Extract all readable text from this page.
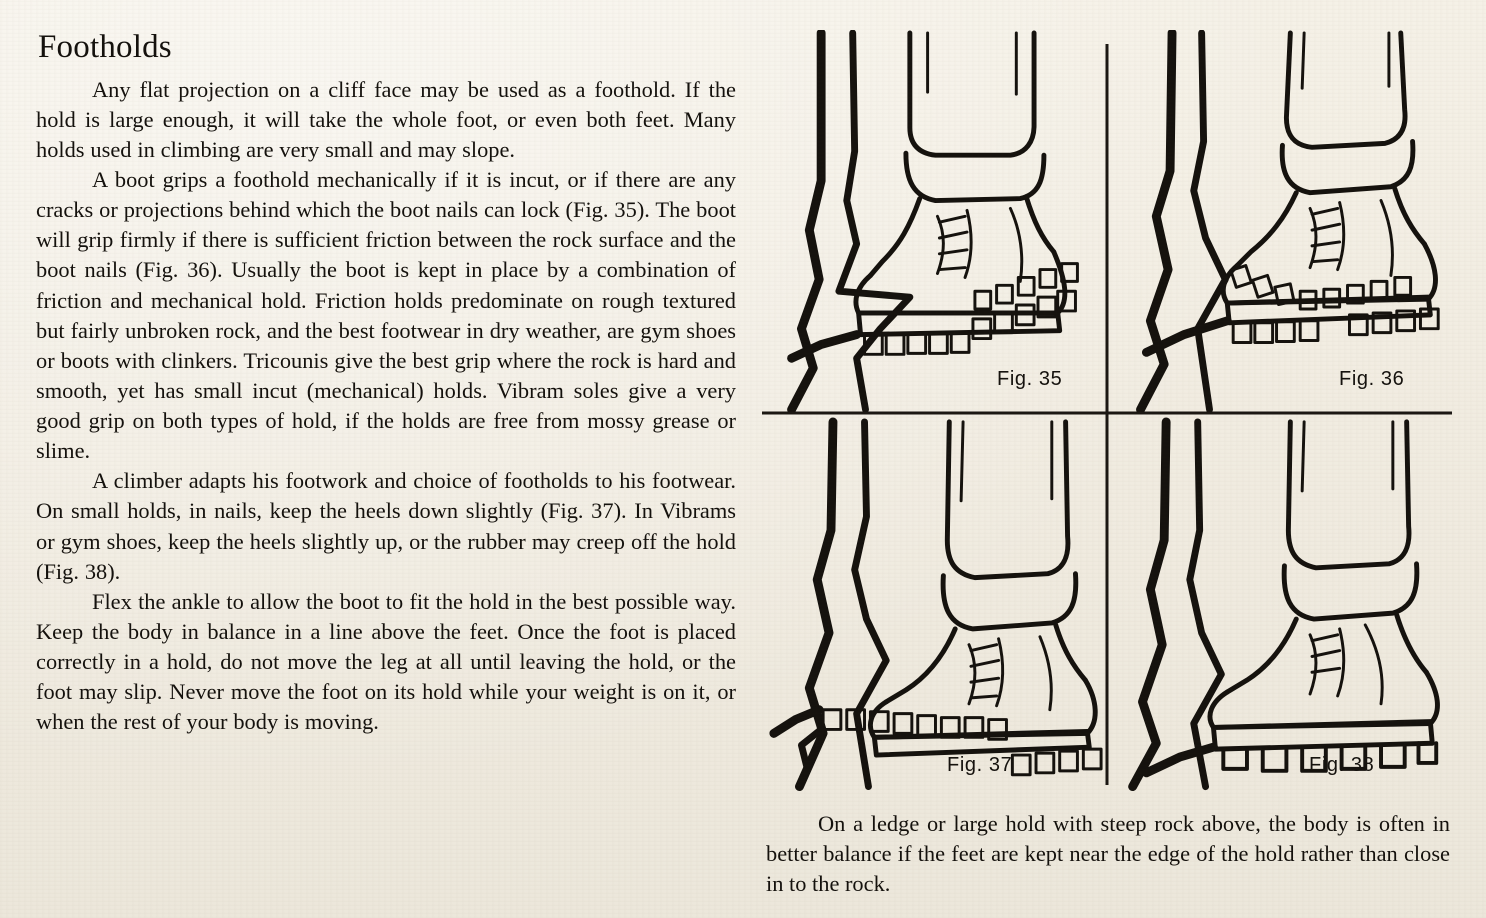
Footholds

Any flat projection on a cliff face may be used as a foothold. If the hold is large enough, it will take the whole foot, or even both feet. Many holds used in climbing are very small and may slope.

A boot grips a foothold mechanically if it is incut, or if there are any cracks or projections behind which the boot nails can lock (Fig. 35). The boot will grip firmly if there is sufficient friction between the rock surface and the boot nails (Fig. 36). Usually the boot is kept in place by a combination of friction and mechanical hold. Friction holds predominate on rough textured but fairly unbroken rock, and the best footwear in dry weather, are gym shoes or boots with clinkers. Tricounis give the best grip where the rock is hard and smooth, yet has small incut (mechanical) holds. Vibram soles give a very good grip on both types of hold, if the holds are free from mossy grease or slime.

A climber adapts his footwork and choice of footholds to his footwear. On small holds, in nails, keep the heels down slightly (Fig. 37). In Vibrams or gym shoes, keep the heels slightly up, or the rubber may creep off the hold (Fig. 38).

Flex the ankle to allow the boot to fit the hold in the best possible way. Keep the body in balance in a line above the feet. Once the foot is placed correctly in a hold, do not move the leg at all until leaving the hold, or the foot may slip. Never move the foot on its hold while your weight is on it, or when the rest of your body is moving.

Fig. 35	Fig. 36
Fig. 37	Fig. 38
On a ledge or large hold with steep rock above, the body is often in better balance if the feet are kept near the edge of the hold rather than close in to the rock.
